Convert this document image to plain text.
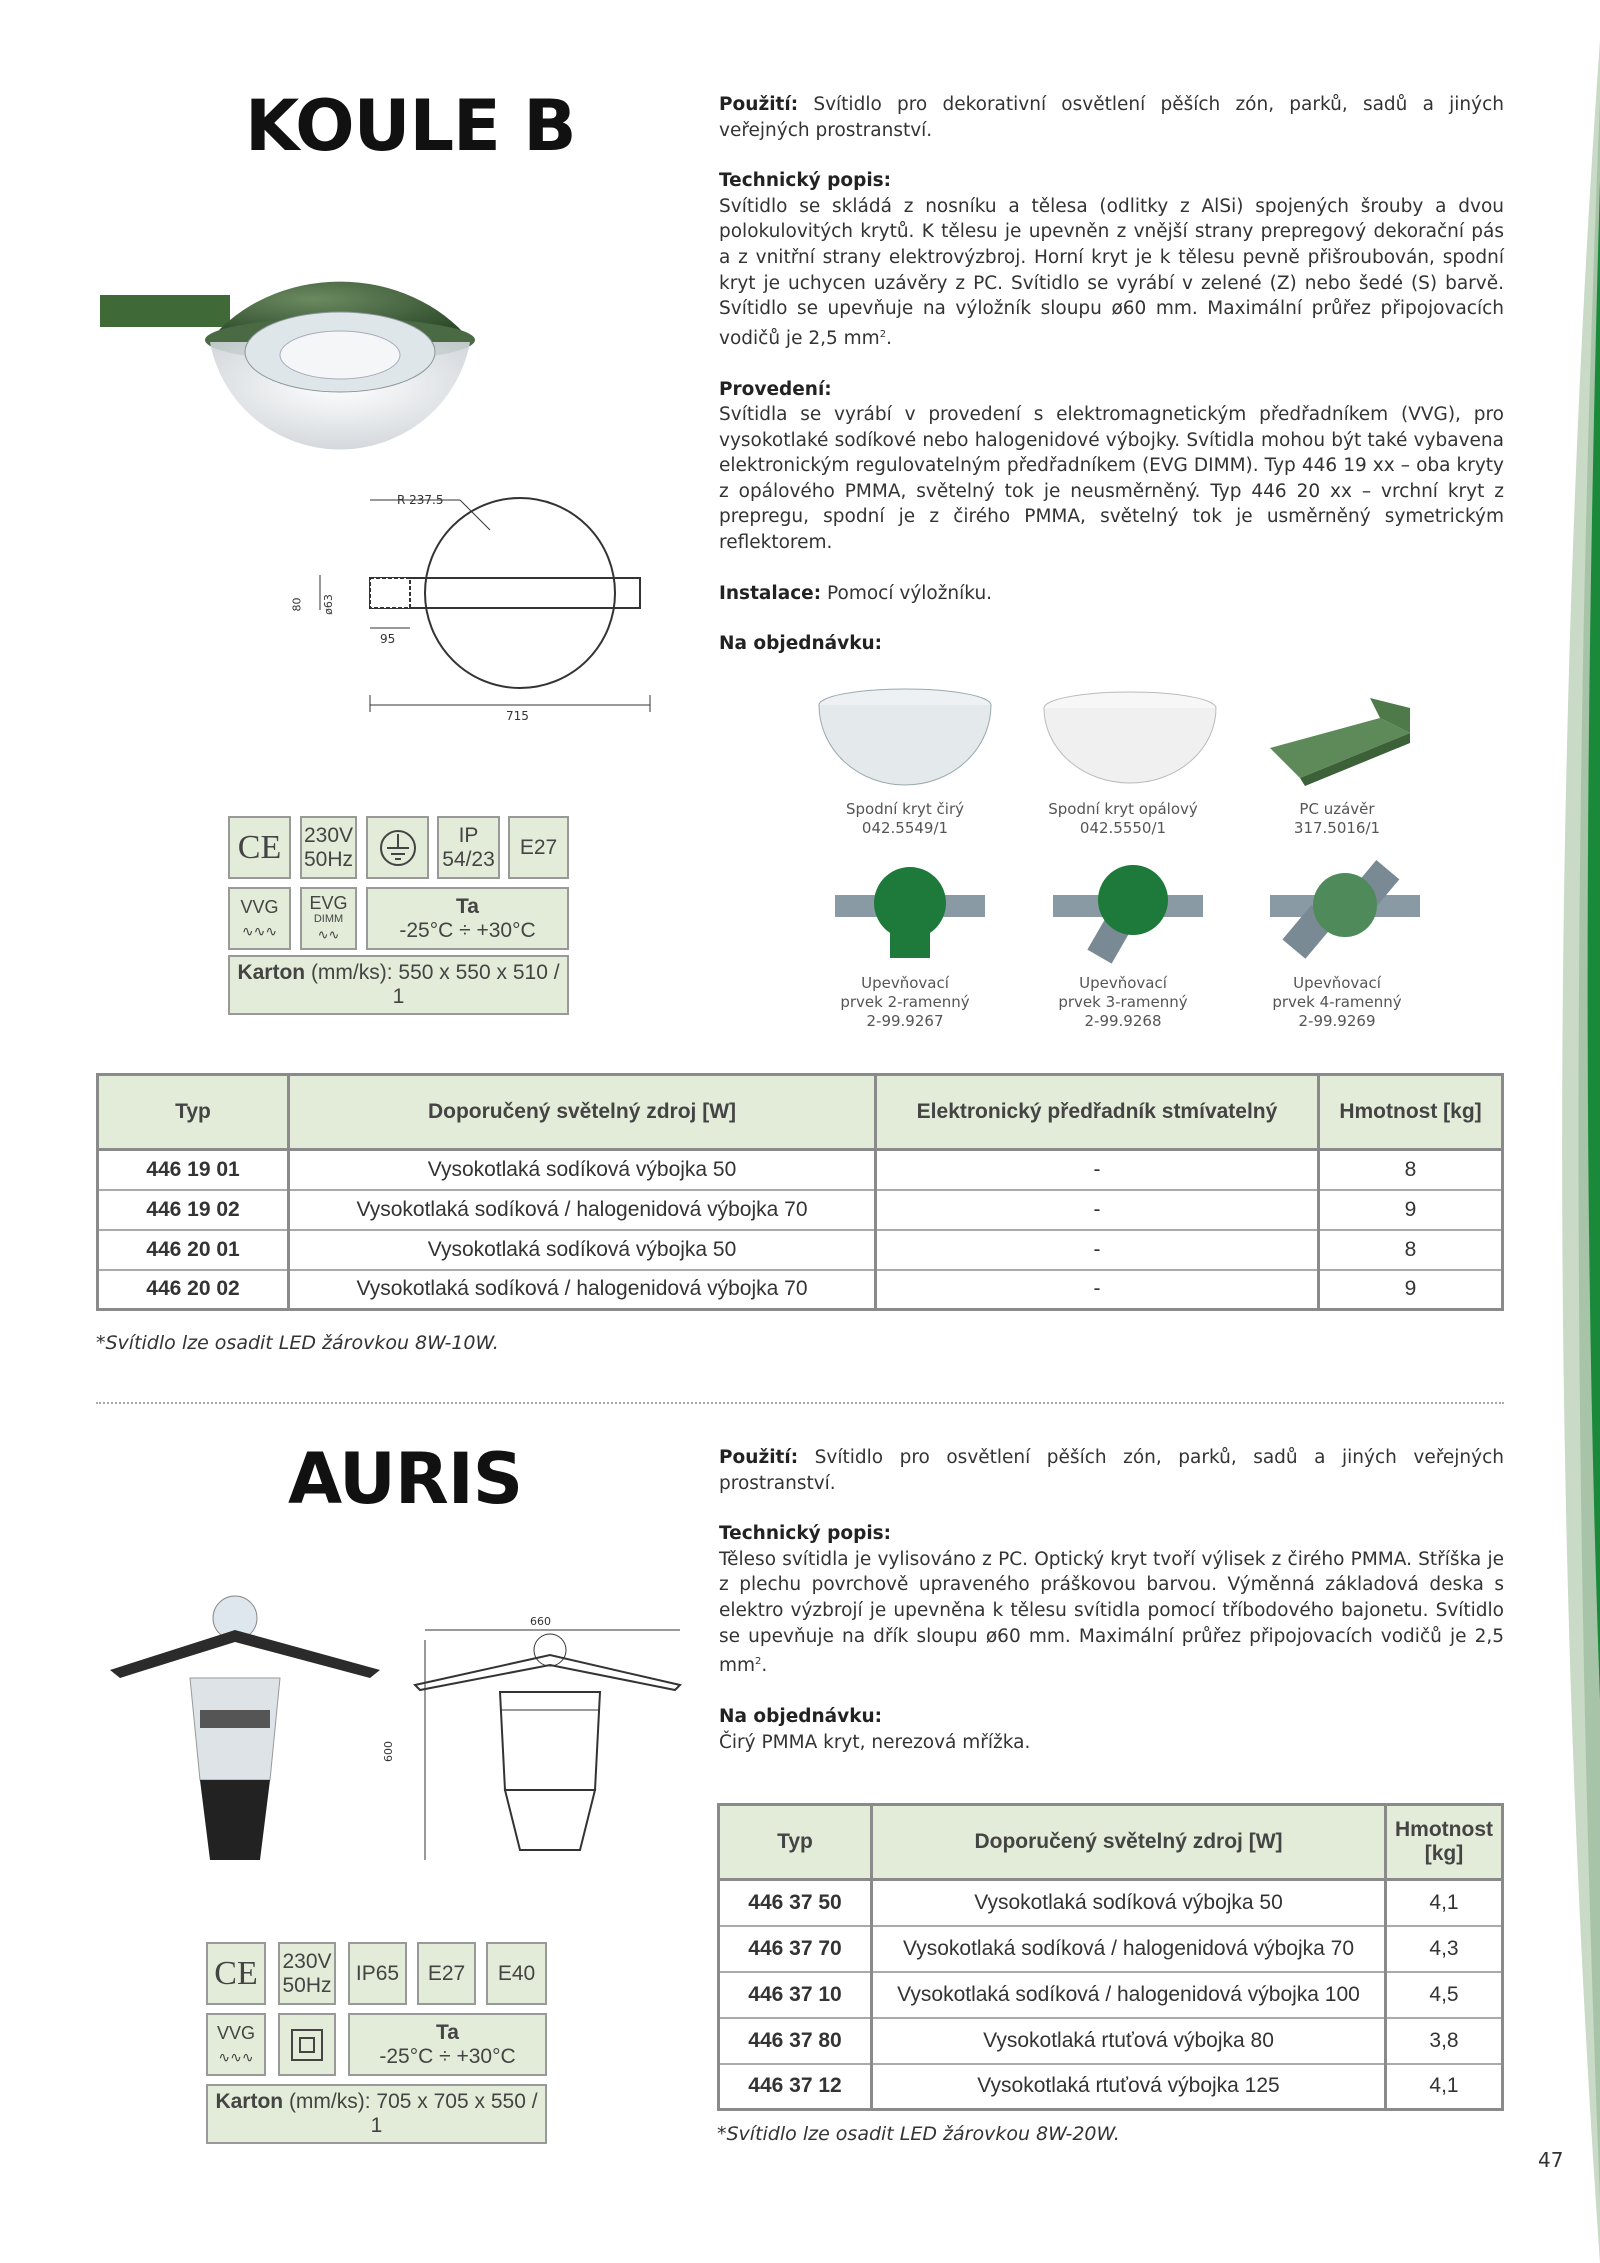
KOULE B
R 237.5
80 ø63
95
715

Použití: Svítidlo pro dekorativní osvětlení pěších zón, parků, sadů a jiných veřejných prostranství.

Technický popis:
Svítidlo se skládá z nosníku a tělesa (odlitky z AlSi) spojených šrouby a dvou polokulovitých krytů. K tělesu je upevněn z vnější strany prepregový dekorační pás a z vnitřní strany elektrovýzbroj. Horní kryt je k tělesu pevně přišroubován, spodní kryt je uchycen uzávěry z PC. Svítidlo se vyrábí v zelené (Z) nebo šedé (S) barvě. Svítidlo se upevňuje na výložník sloupu ø60 mm. Maximální průřez připojovacích vodičů je 2,5 $mm^2$.

Provedení:
Svítidla se vyrábí v provedení s elektromagnetickým předřadníkem (VVG), pro vysokotlaké sodíkové nebo halogenidové výbojky. Svítidla mohou být také vybavena elektronickým regulovatelným předřadníkem (EVG DIMM). Typ 446 19 xx – oba kryty z opálového PMMA, světelný tok je neusměrněný. Typ 446 20 xx – vrchní kryt z prepregu, spodní je z čirého PMMA, světelný tok je usměrněný symetrickým reflektorem.

Instalace: Pomocí výložníku.

Na objednávku:

Spodní kryt čirý
042.5549/1
Spodní kryt opálový
042.5550/1
PC uzávěr
317.5016/1
Upevňovací
prvek 2-ramenný
2-99.9267
Upevňovací
prvek 3-ramenný
2-99.9268
Upevňovací
prvek 4-ramenný
2-99.9269
CE	230V
50Hz
IP
54/23
E27
VVG
∿∿∿
EVG
DIMM
∿∿
Ta
-25°C ÷ +30°C
Karton (mm/ks): 550 x 550 x 510 / 1
Typ	Doporučený světelný zdroj [W]	Elektronický předřadník stmívatelný	Hmotnost [kg]
446 19 01	Vysokotlaká sodíková výbojka 50	-	8
446 19 02	Vysokotlaká sodíková / halogenidová výbojka 70	-	9
446 20 01	Vysokotlaká sodíková výbojka 50	-	8
446 20 02	Vysokotlaká sodíková / halogenidová výbojka 70	-	9
*Svítidlo lze osadit LED žárovkou 8W-10W.
AURIS
660
600

Použití: Svítidlo pro osvětlení pěších zón, parků, sadů a jiných veřejných prostranství.

Technický popis:
Těleso svítidla je vylisováno z PC. Optický kryt tvoří výlisek z čirého PMMA. Stříška je z plechu povrchově upraveného práškovou barvou. Výměnná základová deska s elektro výzbrojí je upevněna k tělesu svítidla pomocí tříbodového bajonetu. Svítidlo se upevňuje na dřík sloupu ø60 mm. Maximální průřez připojovacích vodičů je 2,5 $mm^2$.

Na objednávku:
Čirý PMMA kryt, nerezová mřížka.

CE	230V
50Hz
IP65	E27	E40
VVG
∿∿∿
Ta
-25°C ÷ +30°C
Karton (mm/ks): 705 x 705 x 550 / 1
Typ	Doporučený světelný zdroj [W]	Hmotnost [kg]
446 37 50	Vysokotlaká sodíková výbojka 50	4,1
446 37 70	Vysokotlaká sodíková / halogenidová výbojka 70	4,3
446 37 10	Vysokotlaká sodíková / halogenidová výbojka 100	4,5
446 37 80	Vysokotlaká rtuťová výbojka 80	3,8
446 37 12	Vysokotlaká rtuťová výbojka 125	4,1
*Svítidlo lze osadit LED žárovkou 8W-20W.
47
